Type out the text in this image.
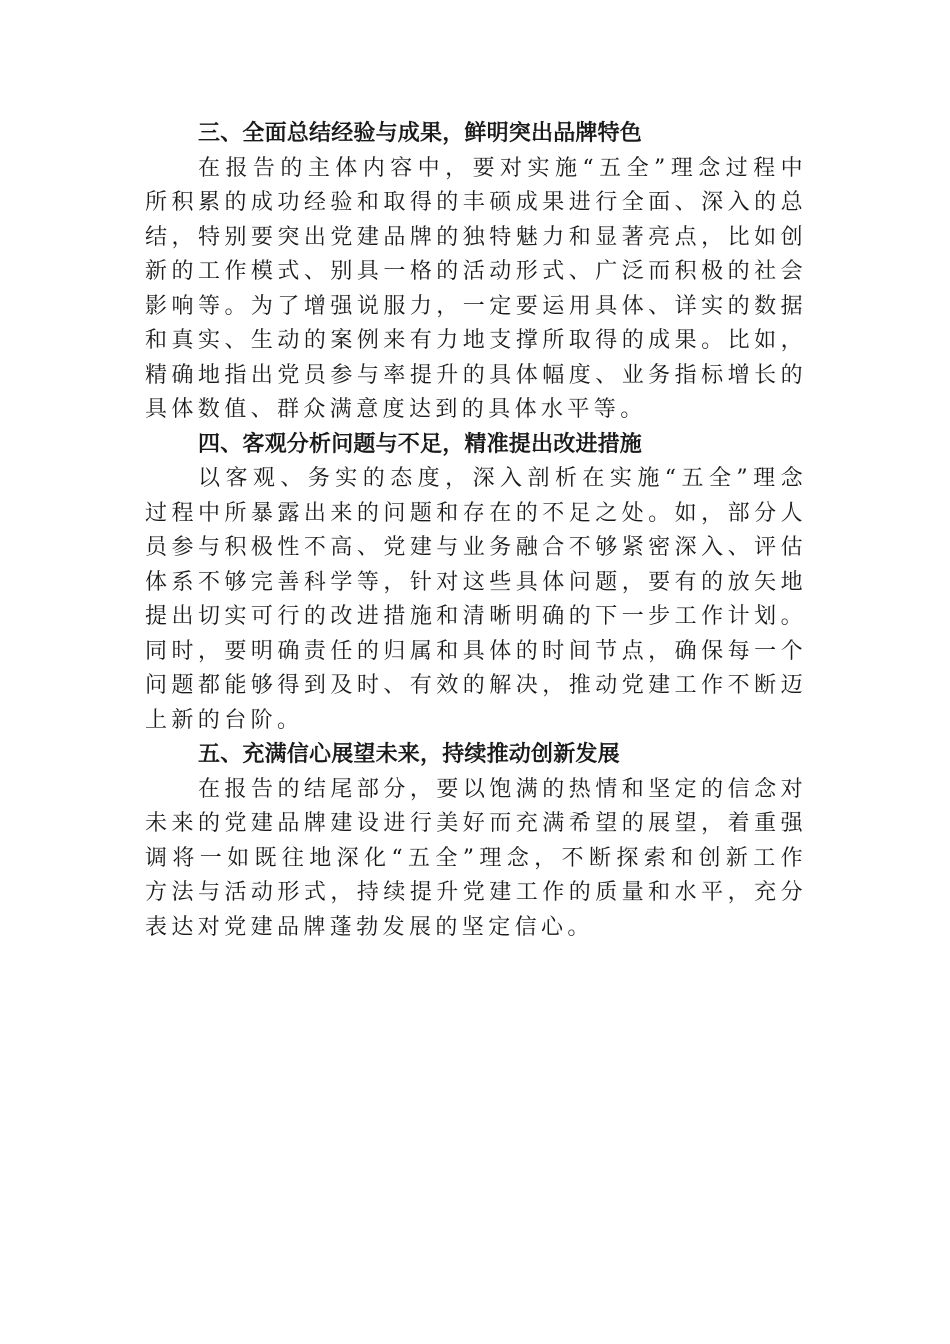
三、全面总结经验与成果，鲜明突出品牌特色

在报告的主体内容中，要对实施“五全”理念过程中所积累的成功经验和取得的丰硕成果进行全面、深入的总结，特别要突出党建品牌的独特魅力和显著亮点，比如创新的工作模式、别具一格的活动形式、广泛而积极的社会影响等。为了增强说服力，一定要运用具体、详实的数据和真实、生动的案例来有力地支撑所取得的成果。比如，精确地指出党员参与率提升的具体幅度、业务指标增长的具体数值、群众满意度达到的具体水平等。

四、客观分析问题与不足，精准提出改进措施

以客观、务实的态度，深入剖析在实施“五全”理念过程中所暴露出来的问题和存在的不足之处。如，部分人员参与积极性不高、党建与业务融合不够紧密深入、评估体系不够完善科学等，针对这些具体问题，要有的放矢地提出切实可行的改进措施和清晰明确的下一步工作计划。同时，要明确责任的归属和具体的时间节点，确保每一个问题都能够得到及时、有效的解决，推动党建工作不断迈上新的台阶。

五、充满信心展望未来，持续推动创新发展

在报告的结尾部分，要以饱满的热情和坚定的信念对未来的党建品牌建设进行美好而充满希望的展望，着重强调将一如既往地深化“五全”理念，不断探索和创新工作方法与活动形式，持续提升党建工作的质量和水平，充分表达对党建品牌蓬勃发展的坚定信心。
